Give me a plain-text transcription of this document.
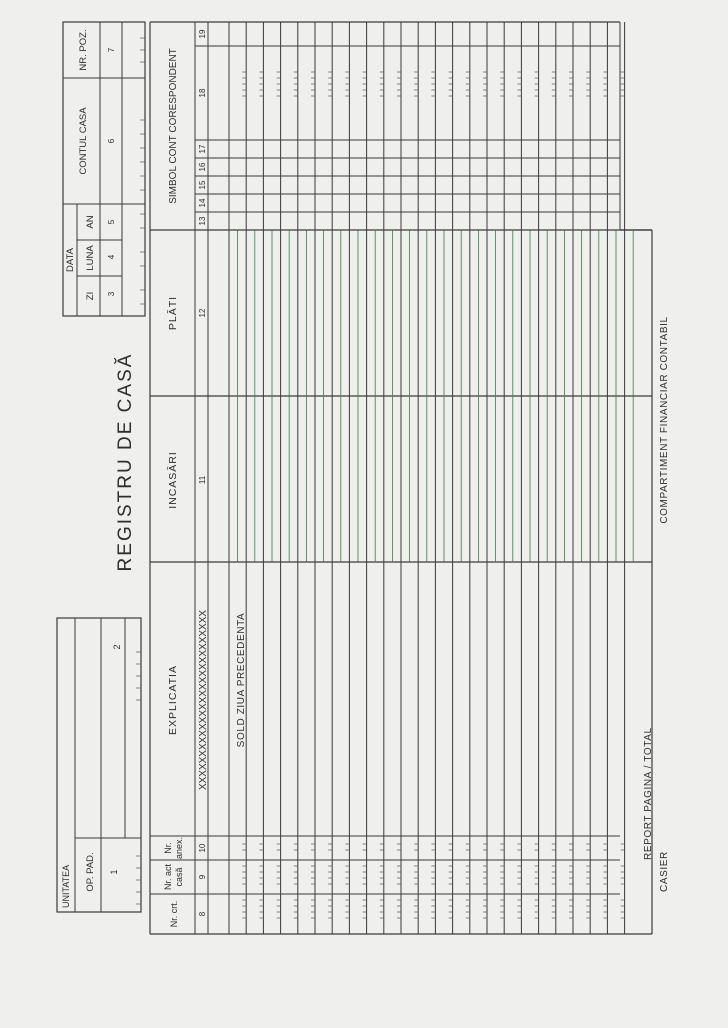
REGISTRU DE CASĂ
UNITATEA OP. PAD. 1
2
DATA
ZI
LUNA
AN
CONTUL CASA
NR. POZ.
3
4
5
6
7
Nr. crt.
Nr. act casă
Nr. anex.
EXPLICATIA
INCASĂRI
PLĂTI
SIMBOL CONT CORESPONDENT
8
9
10
11
12
13
14
15
16
17
18
19
XXXXXXXXXXXXXXXXXXXXXXXXXXX	SOLD ZIUA PRECEDENTA
REPORT PAGINA / TOTAL
CASIER
COMPARTIMENT FINANCIAR CONTABIL
